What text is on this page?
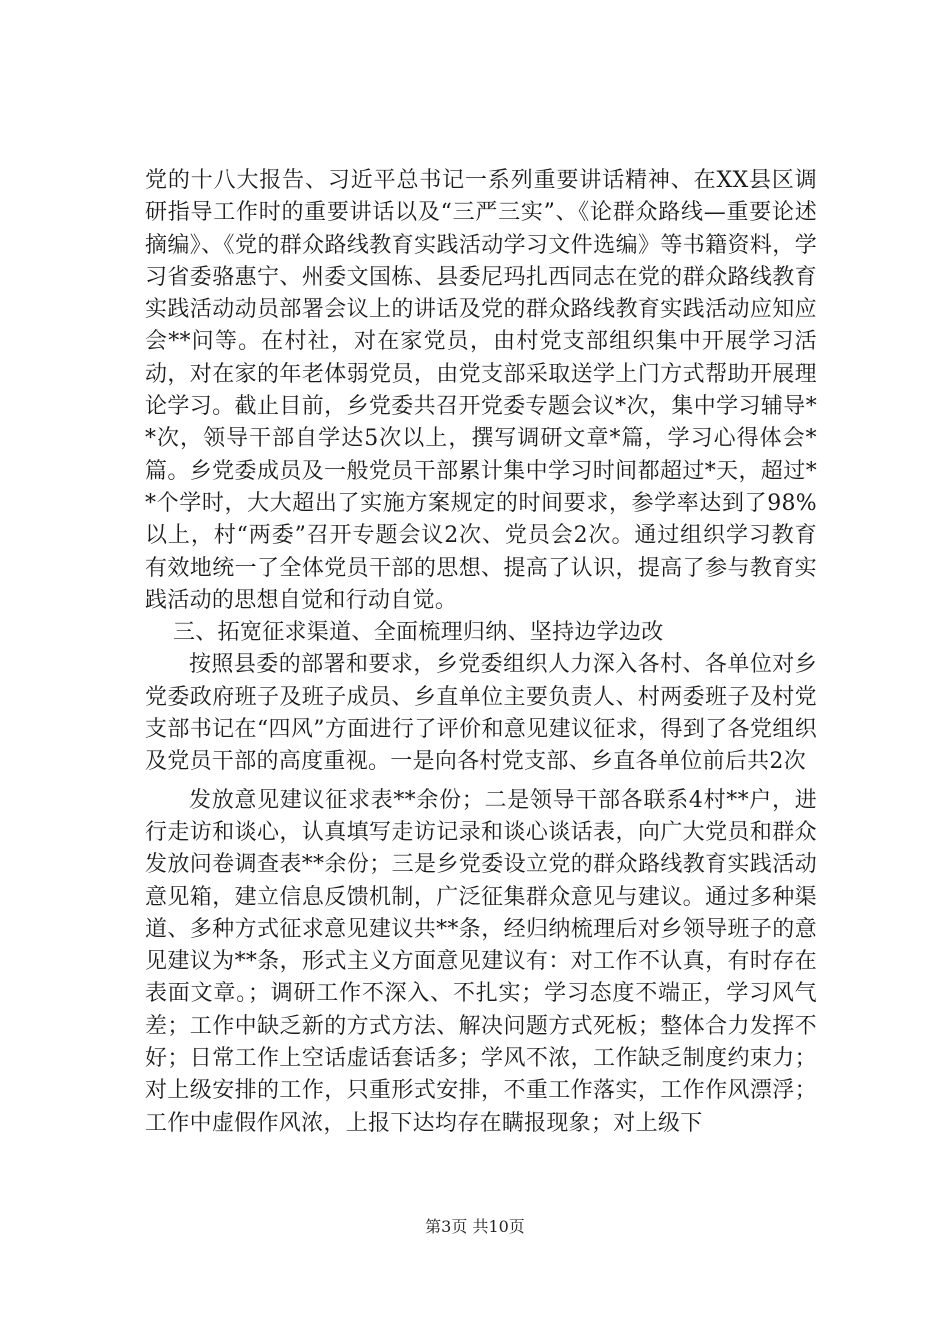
党的十八大报告、习近平总书记一系列重要讲话精神、在XX县区调研指导工作时的重要讲话以及“三严三实”、《论群众路线—重要论述摘编》、《党的群众路线教育实践活动学习文件选编》等书籍资料，学习省委骆惠宁、州委文国栋、县委尼玛扎西同志在党的群众路线教育实践活动动员部署会议上的讲话及党的群众路线教育实践活动应知应会**问等。在村社，对在家党员，由村党支部组织集中开展学习活动，对在家的年老体弱党员，由党支部采取送学上门方式帮助开展理论学习。截止目前，乡党委共召开党委专题会议*次，集中学习辅导**次，领导干部自学达5次以上，撰写调研文章*篇，学习心得体会*篇。乡党委成员及一般党员干部累计集中学习时间都超过*天，超过**个学时，大大超出了实施方案规定的时间要求，参学率达到了98%以上，村“两委”召开专题会议2次、党员会2次。通过组织学习教育有效地统一了全体党员干部的思想、提高了认识，提高了参与教育实践活动的思想自觉和行动自觉。

三、拓宽征求渠道、全面梳理归纳、坚持边学边改

按照县委的部署和要求，乡党委组织人力深入各村、各单位对乡党委政府班子及班子成员、乡直单位主要负责人、村两委班子及村党支部书记在“四风”方面进行了评价和意见建议征求，得到了各党组织及党员干部的高度重视。一是向各村党支部、乡直各单位前后共2次

发放意见建议征求表**余份；二是领导干部各联系4村**户，进行走访和谈心，认真填写走访记录和谈心谈话表，向广大党员和群众发放问卷调查表**余份；三是乡党委设立党的群众路线教育实践活动意见箱，建立信息反馈机制，广泛征集群众意见与建议。通过多种渠道、多种方式征求意见建议共**条，经归纳梳理后对乡领导班子的意见建议为**条，形式主义方面意见建议有：对工作不认真，有时存在表面文章。；调研工作不深入、不扎实；学习态度不端正，学习风气差；工作中缺乏新的方式方法、解决问题方式死板；整体合力发挥不好；日常工作上空话虚话套话多；学风不浓，工作缺乏制度约束力；对上级安排的工作，只重形式安排，不重工作落实，工作作风漂浮；工作中虚假作风浓，上报下达均存在瞒报现象；对上级下

第3页 共10页
